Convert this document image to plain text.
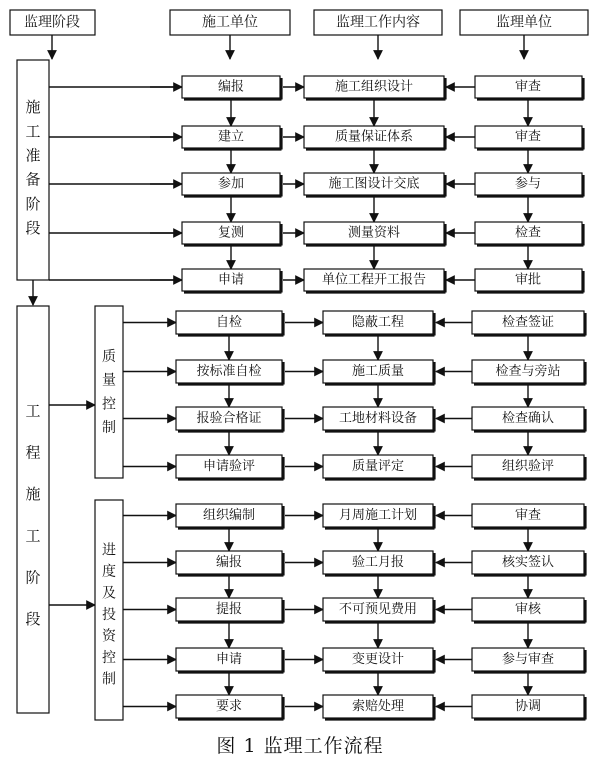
监理阶段	施工单位	监理工作内容	监理单位
施
工
准
备
阶
段
编报	施工组织设计	审查
建立	质量保证体系	审查
参加	施工图设计交底	参与
复测	测量资料	检查
申请	单位工程开工报告	审批
工
程
施
工
阶
段
质
量
控
制
进
度
及
投
资
控
制
自检	隐蔽工程	检查签证
按标准自检	施工质量	检查与旁站
报验合格证	工地材料设备	检查确认
申请验评	质量评定	组织验评
组织编制	月周施工计划	审查
编报	验工月报	核实签认
提报	不可预见费用	审核
申请	变更设计	参与审查
要求	索赔处理	协调
图 1 监理工作流程
